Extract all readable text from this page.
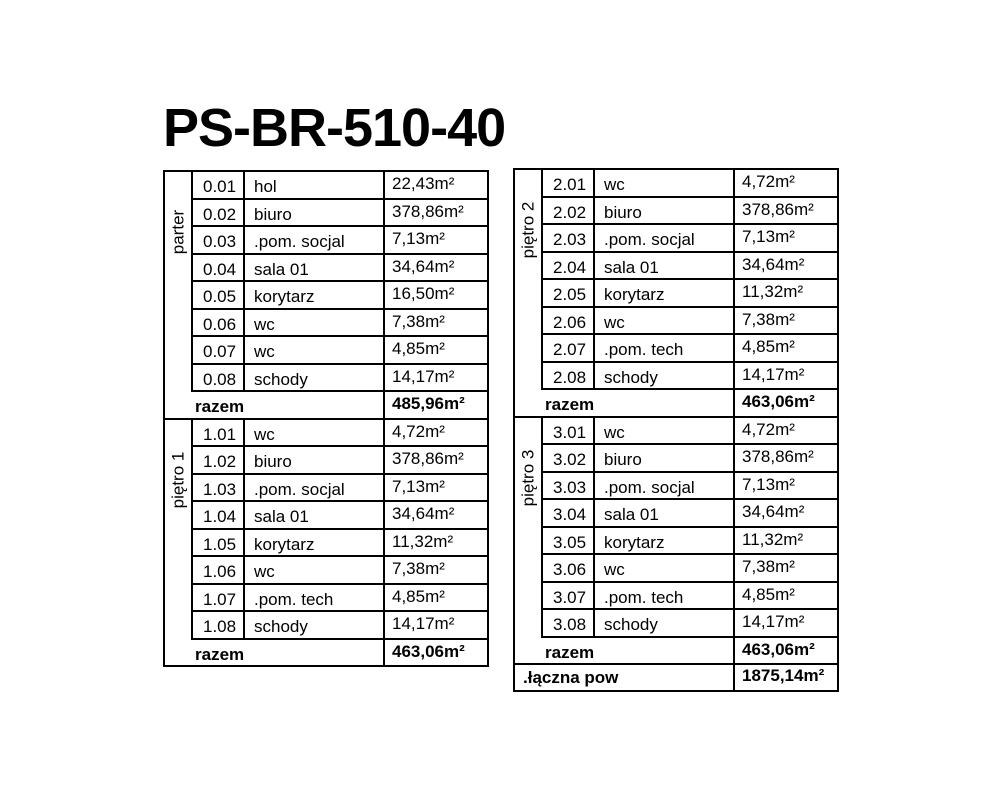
PS-BR-510-40
parter
0.01	hol	22,43m²
0.02	biuro	378,86m²
0.03	.pom. socjal	7,13m²
0.04	sala 01	34,64m²
0.05	korytarz	16,50m²
0.06	wc	7,38m²
0.07	wc	4,85m²
0.08	schody	14,17m²
razem	485,96m²
piętro 1
1.01	wc	4,72m²
1.02	biuro	378,86m²
1.03	.pom. socjal	7,13m²
1.04	sala 01	34,64m²
1.05	korytarz	11,32m²
1.06	wc	7,38m²
1.07	.pom. tech	4,85m²
1.08	schody	14,17m²
razem	463,06m²
piętro 2
2.01	wc	4,72m²
2.02	biuro	378,86m²
2.03	.pom. socjal	7,13m²
2.04	sala 01	34,64m²
2.05	korytarz	11,32m²
2.06	wc	7,38m²
2.07	.pom. tech	4,85m²
2.08	schody	14,17m²
razem	463,06m²
piętro 3
3.01	wc	4,72m²
3.02	biuro	378,86m²
3.03	.pom. socjal	7,13m²
3.04	sala 01	34,64m²
3.05	korytarz	11,32m²
3.06	wc	7,38m²
3.07	.pom. tech	4,85m²
3.08	schody	14,17m²
razem	463,06m²
.łączna pow	1875,14m²
